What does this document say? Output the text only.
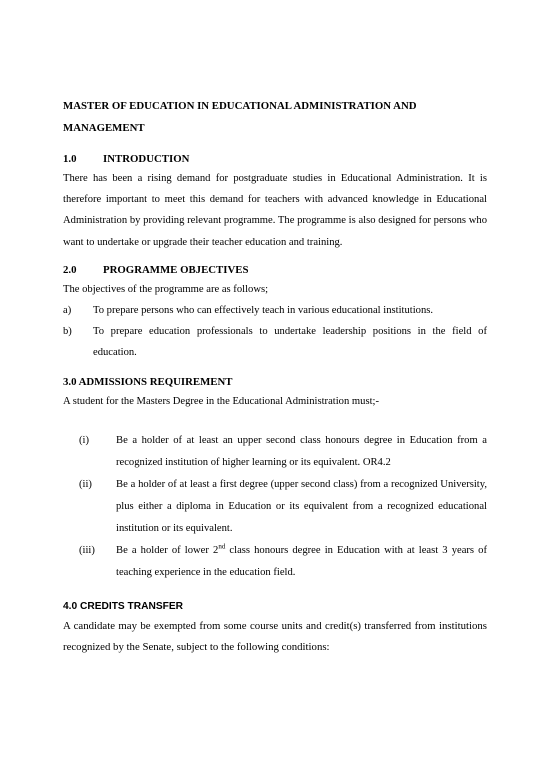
MASTER OF EDUCATION IN EDUCATIONAL ADMINISTRATION AND MANAGEMENT
1.0 INTRODUCTION

There has been a rising demand for postgraduate studies in Educational Administration. It is therefore important to meet this demand for teachers with advanced knowledge in Educational Administration by providing relevant programme. The programme is also designed for persons who want to undertake or upgrade their teacher education and training.

2.0 PROGRAMME OBJECTIVES

The objectives of the programme are as follows;

a) To prepare persons who can effectively teach in various educational institutions.
b) To prepare education professionals to undertake leadership positions in the field of education.
3.0 ADMISSIONS REQUIREMENT

A student for the Masters Degree in the Educational Administration must;-

(i)	Be a holder of at least an upper second class honours degree in Education from a recognized institution of higher learning or its equivalent. OR4.2
(ii) Be a holder of at least a first degree (upper second class) from a recognized University, plus either a diploma in Education or its equivalent from a recognized educational institution or its equivalent.
(iii) Be a holder of lower 2nd class honours degree in Education with at least 3 years of teaching experience in the education field.
4.0 CREDITS TRANSFER

A candidate may be exempted from some course units and credit(s) transferred from institutions recognized by the Senate, subject to the following conditions:
